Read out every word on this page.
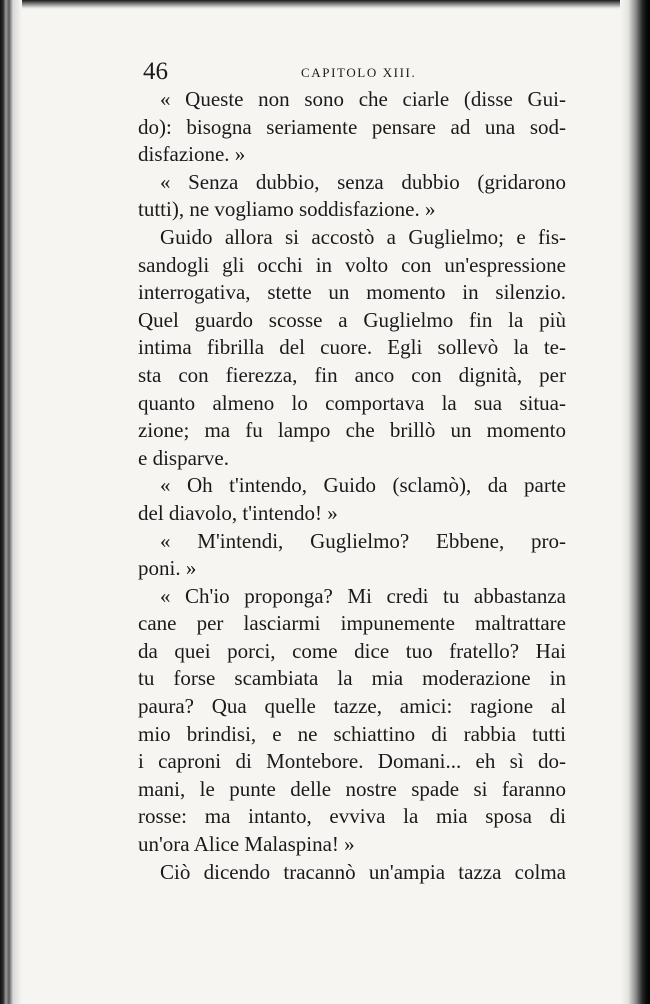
46	CAPITOLO XIII.
« Queste non sono che ciarle (disse Gui-
do): bisogna seriamente pensare ad una sod-
disfazione. »
« Senza dubbio, senza dubbio (gridarono
tutti), ne vogliamo soddisfazione. »
Guido allora si accostò a Guglielmo; e fis-
sandogli gli occhi in volto con un'espressione
interrogativa, stette un momento in silenzio.
Quel guardo scosse a Guglielmo fin la più
intima fibrilla del cuore. Egli sollevò la te-
sta con fierezza, fin anco con dignità, per
quanto almeno lo comportava la sua situa-
zione; ma fu lampo che brillò un momento
e disparve.
« Oh t'intendo, Guido (sclamò), da parte
del diavolo, t'intendo! »
« M'intendi, Guglielmo? Ebbene, pro-
poni. »
« Ch'io proponga? Mi credi tu abbastanza
cane per lasciarmi impunemente maltrattare
da quei porci, come dice tuo fratello? Hai
tu forse scambiata la mia moderazione in
paura? Qua quelle tazze, amici: ragione al
mio brindisi, e ne schiattino di rabbia tutti
i caproni di Montebore. Domani... eh sì do-
mani, le punte delle nostre spade si faranno
rosse: ma intanto, evviva la mia sposa di
un'ora Alice Malaspina! »
Ciò dicendo tracannò un'ampia tazza colma
